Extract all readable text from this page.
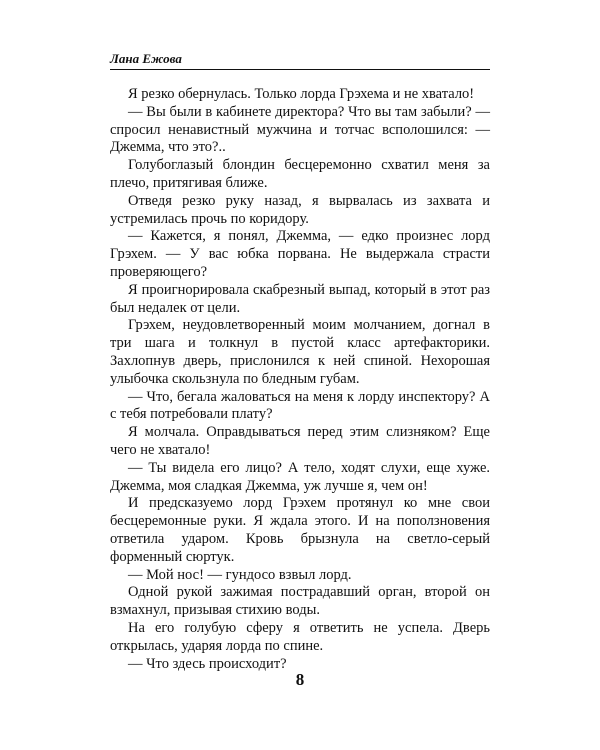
Лана Ежова

Я резко обернулась. Только лорда Грэхема и не хватало!

— Вы были в кабинете директора? Что вы там забыли? — спросил ненавистный мужчина и тотчас всполошился: — Джемма, что это?..

Голубоглазый блондин бесцеремонно схватил меня за плечо, притягивая ближе.

Отведя резко руку назад, я вырвалась из захвата и устремилась прочь по коридору.

— Кажется, я понял, Джемма, — едко произнес лорд Грэхем. — У вас юбка порвана. Не выдержала страсти проверяющего?

Я проигнорировала скабрезный выпад, который в этот раз был недалек от цели.

Грэхем, неудовлетворенный моим молчанием, догнал в три шага и толкнул в пустой класс артефакторики. Захлопнув дверь, прислонился к ней спиной. Нехорошая улыбочка скользнула по бледным губам.

— Что, бегала жаловаться на меня к лорду инспектору? А с тебя потребовали плату?

Я молчала. Оправдываться перед этим слизняком? Еще чего не хватало!

— Ты видела его лицо? А тело, ходят слухи, еще хуже. Джемма, моя сладкая Джемма, уж лучше я, чем он!

И предсказуемо лорд Грэхем протянул ко мне свои бесцеремонные руки. Я ждала этого. И на поползновения ответила ударом. Кровь брызнула на светло-серый форменный сюртук.

— Мой нос! — гундосо взвыл лорд.

Одной рукой зажимая пострадавший орган, второй он взмахнул, призывая стихию воды.

На его голубую сферу я ответить не успела. Дверь открылась, ударяя лорда по спине.

— Что здесь происходит?

8
